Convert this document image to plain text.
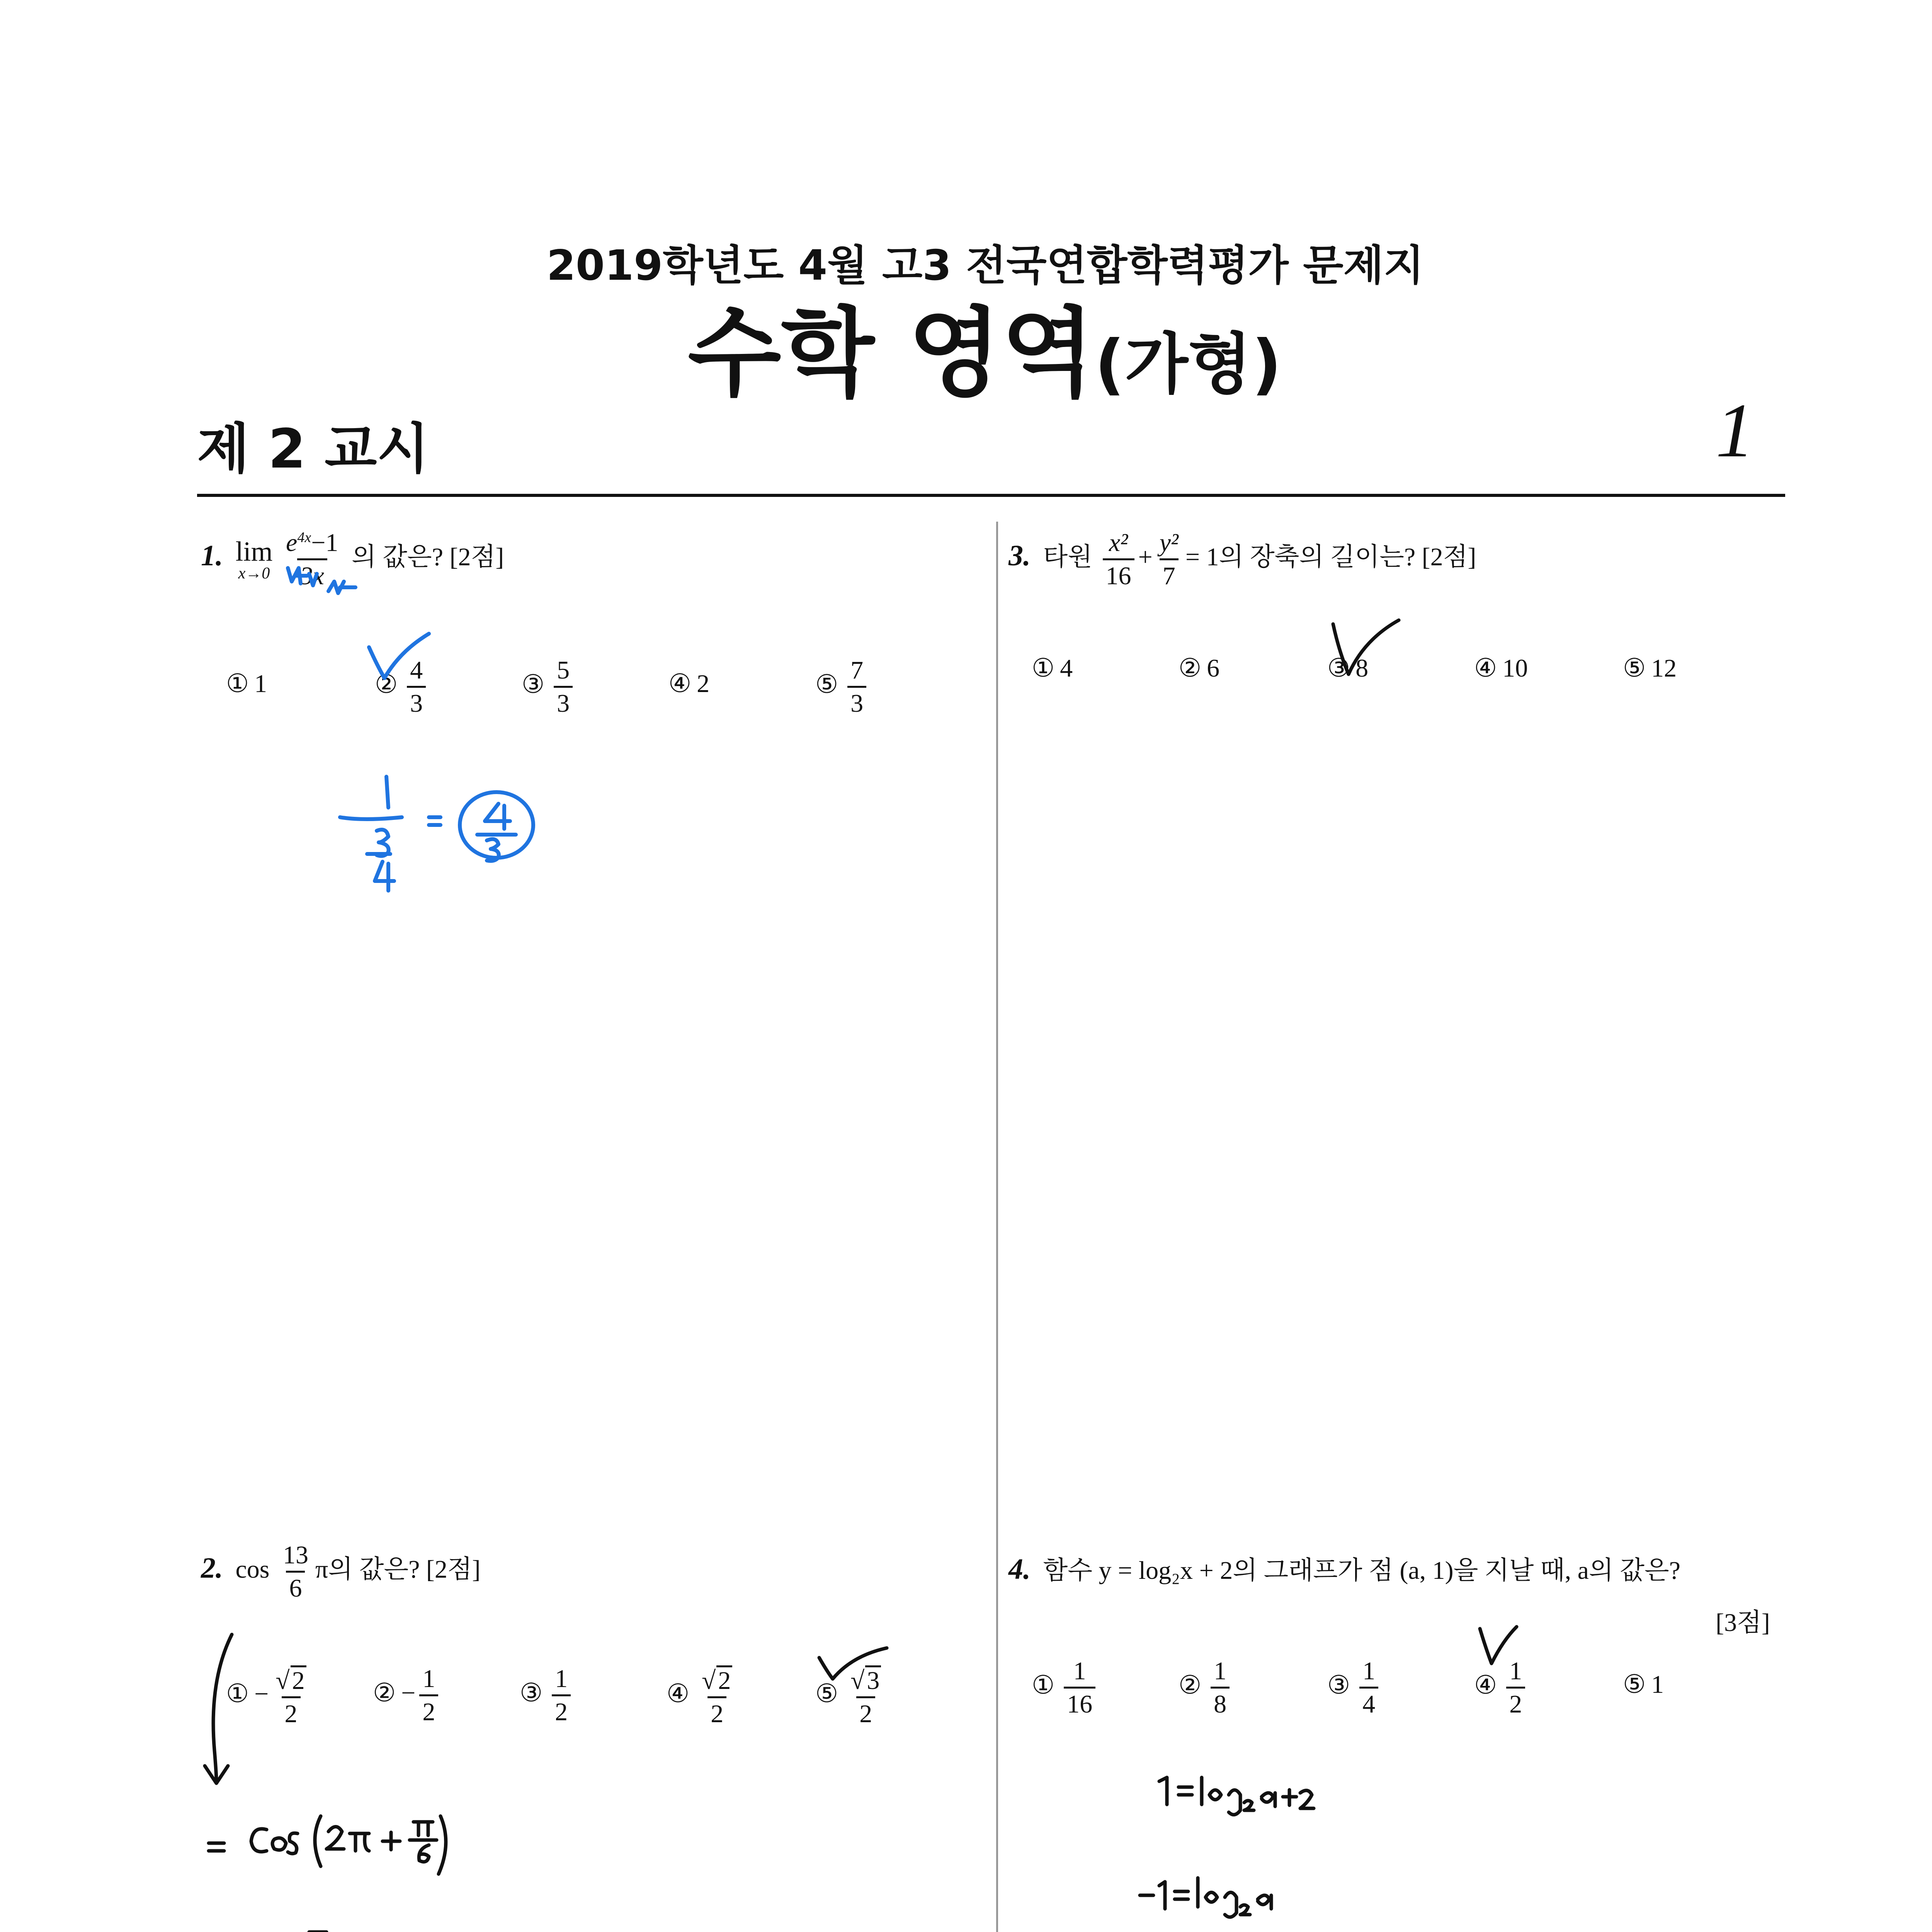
2019학년도 4월 고3 전국연합학력평가 문제지
수학 영역(가형)
제 2 교시	1
1. lim
x→0
$\frac{e^{4x}-1}{3x}$ 의 값은? [2점]
① 1	② $\frac{4}{3}$	③ $\frac{5}{3}$	④ 2	⑤ $\frac{7}{3}$
2. $\cos \frac{13}{6}$ π의 값은? [2점]
① − $\frac{√2}{2}$ ② − $\frac{1}{2}$	③ $\frac{1}{2}$	④ $\frac{√2}{2}$	⑤ $\frac{√3}{2}$
3. 타원 $\frac{\text{x²}}{16} + \frac{\text{y²}}{7} = 1$의 장축의 길이는? [2점]
① 4	② 6	③ 8	④ 10	⑤ 12
4. 함수 y = log₂x + 2의 그래프가 점 (a, 1)을 지날 때, a의 값은?
[3점]
① $\frac{1}{16}$	② $\frac{1}{8}$	③ $\frac{1}{4}$	④ $\frac{1}{2}$	⑤ 1
